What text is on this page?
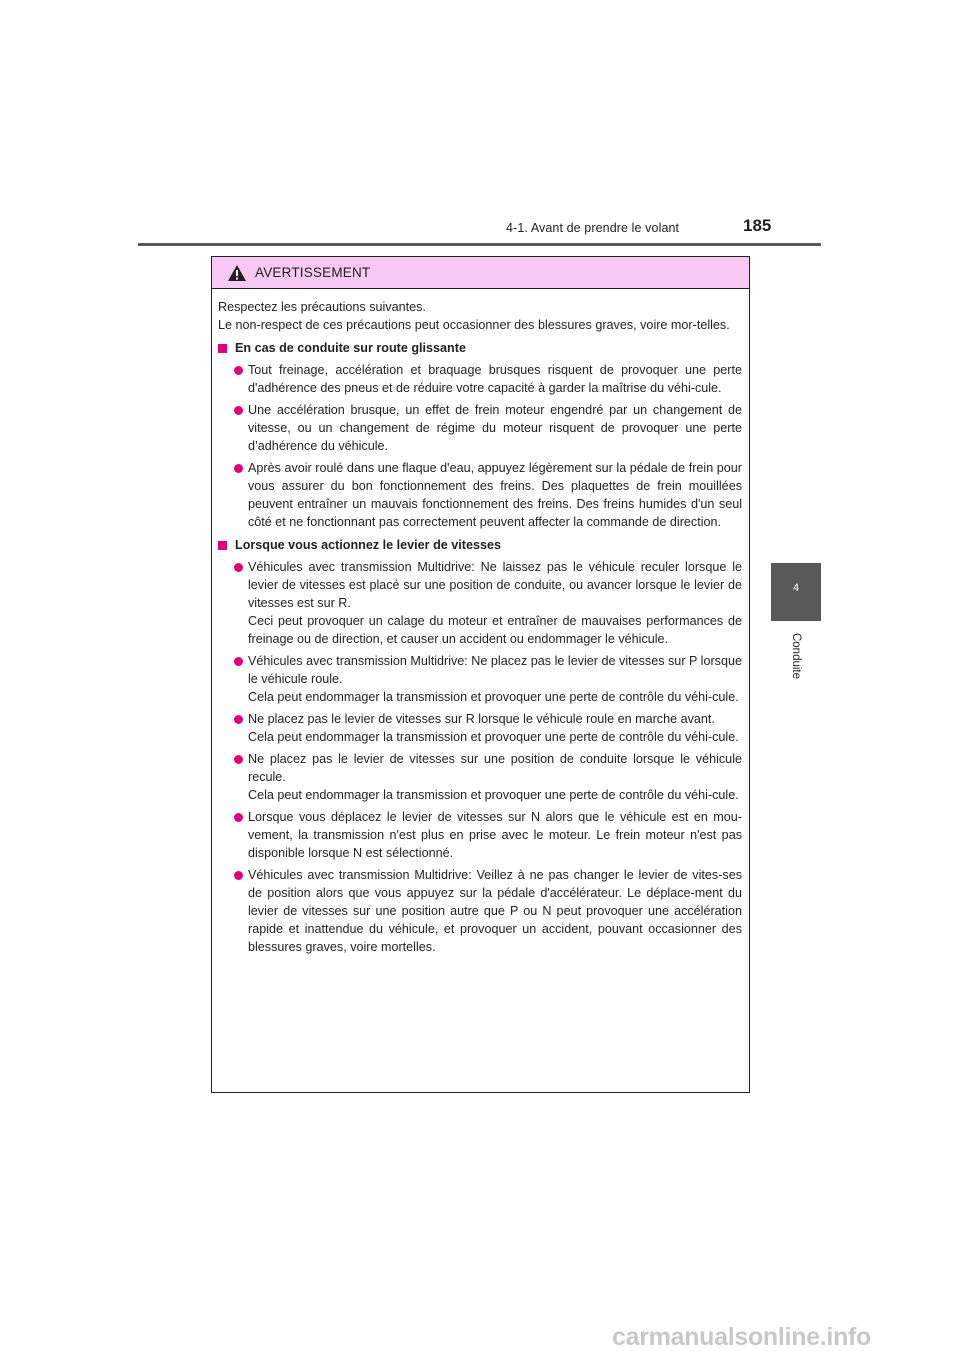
4-1. Avant de prendre le volant	185
4
Conduite
AVERTISSEMENT

Respectez les précautions suivantes.

Le non-respect de ces précautions peut occasionner des blessures graves, voire mor-telles.

En cas de conduite sur route glissante

Tout freinage, accélération et braquage brusques risquent de provoquer une perte d'adhérence des pneus et de réduire votre capacité à garder la maîtrise du véhi-cule.

Une accélération brusque, un effet de frein moteur engendré par un changement de vitesse, ou un changement de régime du moteur risquent de provoquer une perte d’adhérence du véhicule.

Après avoir roulé dans une flaque d'eau, appuyez légèrement sur la pédale de frein pour vous assurer du bon fonctionnement des freins. Des plaquettes de frein mouillées peuvent entraîner un mauvais fonctionnement des freins. Des freins humides d'un seul côté et ne fonctionnant pas correctement peuvent affecter la commande de direction.

Lorsque vous actionnez le levier de vitesses

Véhicules avec transmission Multidrive: Ne laissez pas le véhicule reculer lorsque le levier de vitesses est placé sur une position de conduite, ou avancer lorsque le levier de vitesses est sur R.

Ceci peut provoquer un calage du moteur et entraîner de mauvaises performances de freinage ou de direction, et causer un accident ou endommager le véhicule.

Véhicules avec transmission Multidrive: Ne placez pas le levier de vitesses sur P lorsque le véhicule roule.

Cela peut endommager la transmission et provoquer une perte de contrôle du véhi-cule.

Ne placez pas le levier de vitesses sur R lorsque le véhicule roule en marche avant.

Cela peut endommager la transmission et provoquer une perte de contrôle du véhi-cule.

Ne placez pas le levier de vitesses sur une position de conduite lorsque le véhicule recule.

Cela peut endommager la transmission et provoquer une perte de contrôle du véhi-cule.

Lorsque vous déplacez le levier de vitesses sur N alors que le véhicule est en mou-vement, la transmission n'est plus en prise avec le moteur. Le frein moteur n'est pas disponible lorsque N est sélectionné.

Véhicules avec transmission Multidrive: Veillez à ne pas changer le levier de vites-ses de position alors que vous appuyez sur la pédale d'accélérateur. Le déplace-ment du levier de vitesses sur une position autre que P ou N peut provoquer une accélération rapide et inattendue du véhicule, et provoquer un accident, pouvant occasionner des blessures graves, voire mortelles.

carmanualsonline.info
